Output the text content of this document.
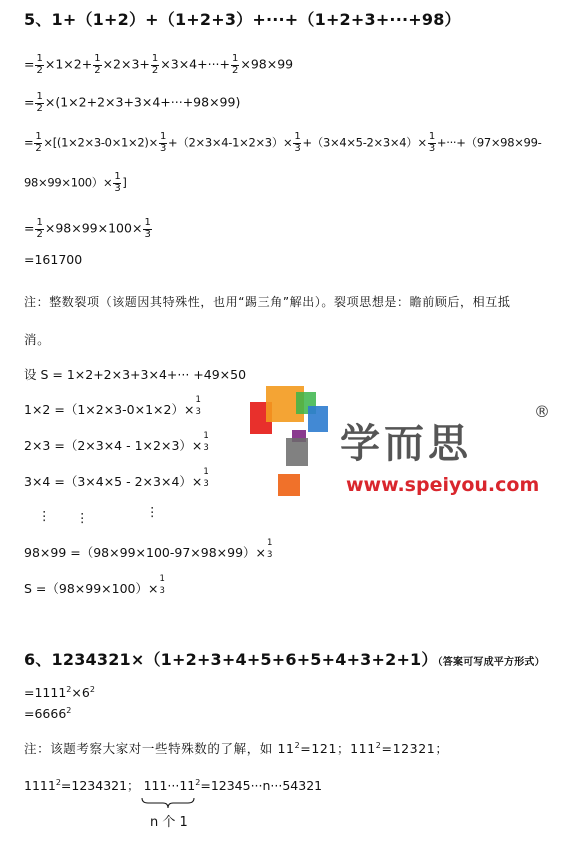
5、1+（1+2）+（1+2+3）+···+（1+2+3+···+98）
= $\frac{1}{2} \times 1\times 2+ \frac{1}{2} \times 2\times 3+ \frac{1}{2} \times 3\times 4+\cdot\cdot\cdot+ \frac{1}{2} \times 98\times 99$
= $\frac{1}{2} \times(1\times 2+2\times 3+3\times 4+\cdot\cdot\cdot+98\times 99)$
= $\frac{1}{2} \times[(1\times 2\times 3-0\times 1\times 2)\times \frac{1}{3} +(2\times 3\times 4-1\times 2\times 3)\times \frac{1}{3} +(3\times 4\times 5-2\times 3\times 4)\times \frac{1}{3} +\cdot\cdot\cdot+(97\times 98\times 99-$
$98\times 99\times 100)\times \frac{1}{3}$ ]
= $\frac{1}{2} \times 98\times 99\times 100\times \frac{1}{3}$
=161700
注：整数裂项（该题因其特殊性，也用“踢三角”解出）。裂项思想是：瞻前顾后，相互抵
消。
设 S = 1×2+2×3+3×4+··· +49×50
1×2 =（1×2×3-0×1×2）×
1
3
2×3 =（2×3×4 - 1×2×3）×
1
3
3×4 =（3×4×5 - 2×3×4）×
1
3
⋮ ⋮	⋮
98×99 =（98×99×100-97×98×99）×
1
3
S =（98×99×100）×
1
3
学而思
®
www.speiyou.com
6、1234321×（1+2+3+4+5+6+5+4+3+2+1）（答案可写成平方形式）
$=1111^2\times 6^2$
$=6666^2$
注：该题考察大家对一些特殊数的了解，如 $11^2=121$；$111^2=12321$；
$1111^2=1234321$； $111\cdot\cdot\cdot 11^2=12345\cdot\cdot\cdot n\cdot\cdot\cdot 54321$
n 个 1
